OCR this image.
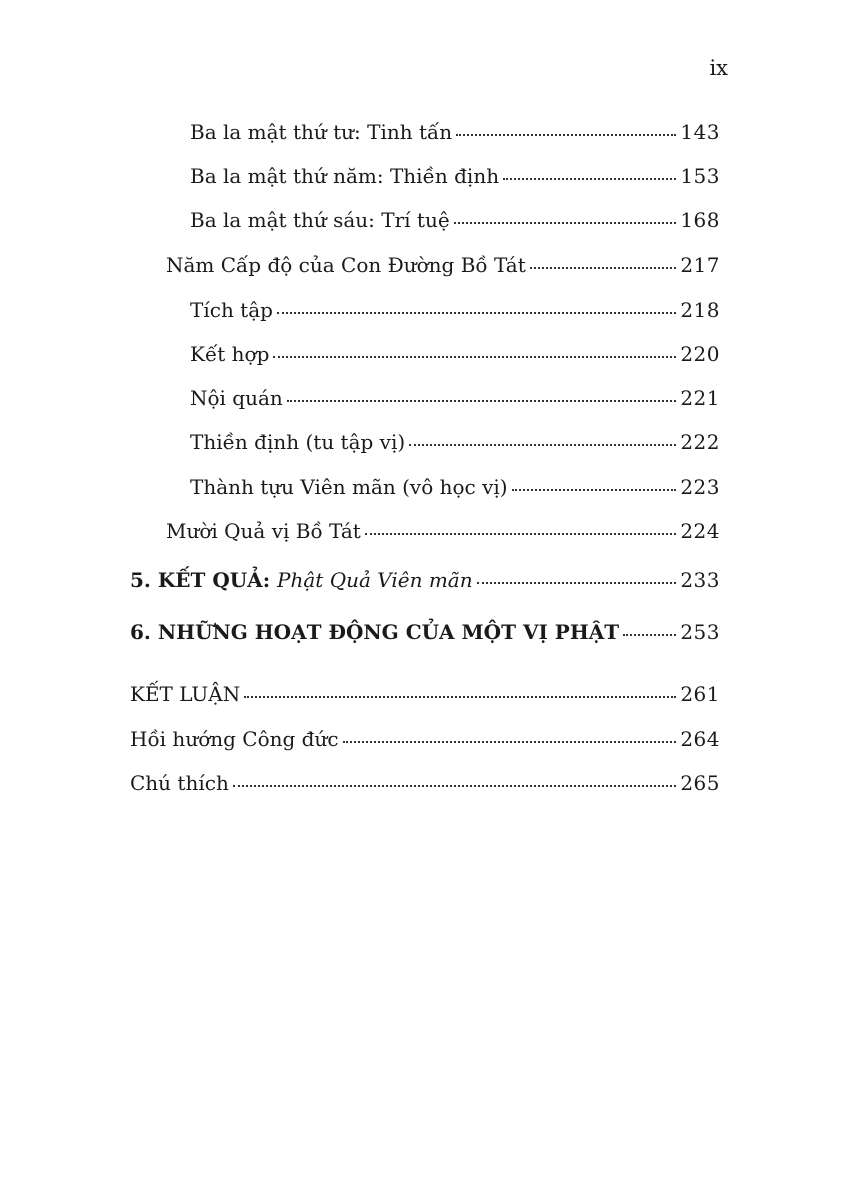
ix
Ba la mật thứ tư: Tinh tấn	143
Ba la mật thứ năm: Thiền định	153
Ba la mật thứ sáu: Trí tuệ	168
Năm Cấp độ của Con Đường Bồ Tát	217
Tích tập	218
Kết hợp	220
Nội quán	221
Thiền định (tu tập vị)	222
Thành tựu Viên mãn (vô học vị)	223
Mười Quả vị Bồ Tát	224
5. KẾT QUẢ: Phật Quả Viên mãn	233
6. NHỮNG HOẠT ĐỘNG CỦA MỘT VỊ PHẬT	253
KẾT LUẬN	261
Hồi hướng Công đức	264
Chú thích	265
